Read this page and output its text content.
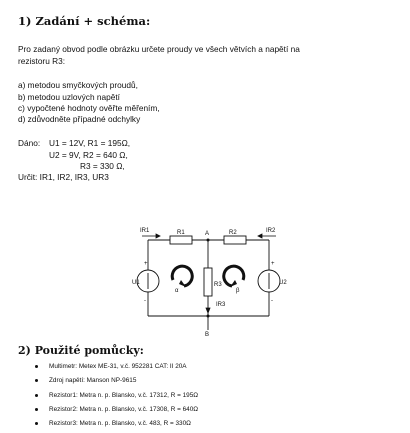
1) Zadání + schéma:
Pro zadaný obvod podle obrázku určete proudy ve všech větvích a napětí na
rezistoru R3:
a) metodou smyčkových proudů,
b) metodou uzlových napětí
c) vypočtené hodnoty ověřte měřením,
d) zdůvodněte případné odchylky
Dáno: U1 = 12V, R1 = 195Ω,
U2 = 9V, R2 = 640 Ω,
R3 = 330 Ω,
Určit: IR1, IR2, IR3, UR3
IR1	IR2
IR3
R1	R2
R3
A
B
U1	U2
α	β
+
-
+
-
2) Použité pomůcky:
Multimetr: Metex ME-31, v.č. 952281 CAT: II 20A
Zdroj napětí: Manson NP-9615
Rezistor1: Metra n. p. Blansko, v.č. 17312, R = 195Ω
Rezistor2: Metra n. p. Blansko, v.č. 17308, R = 640Ω
Rezistor3: Metra n. p. Blansko, v.č. 483, R = 330Ω
